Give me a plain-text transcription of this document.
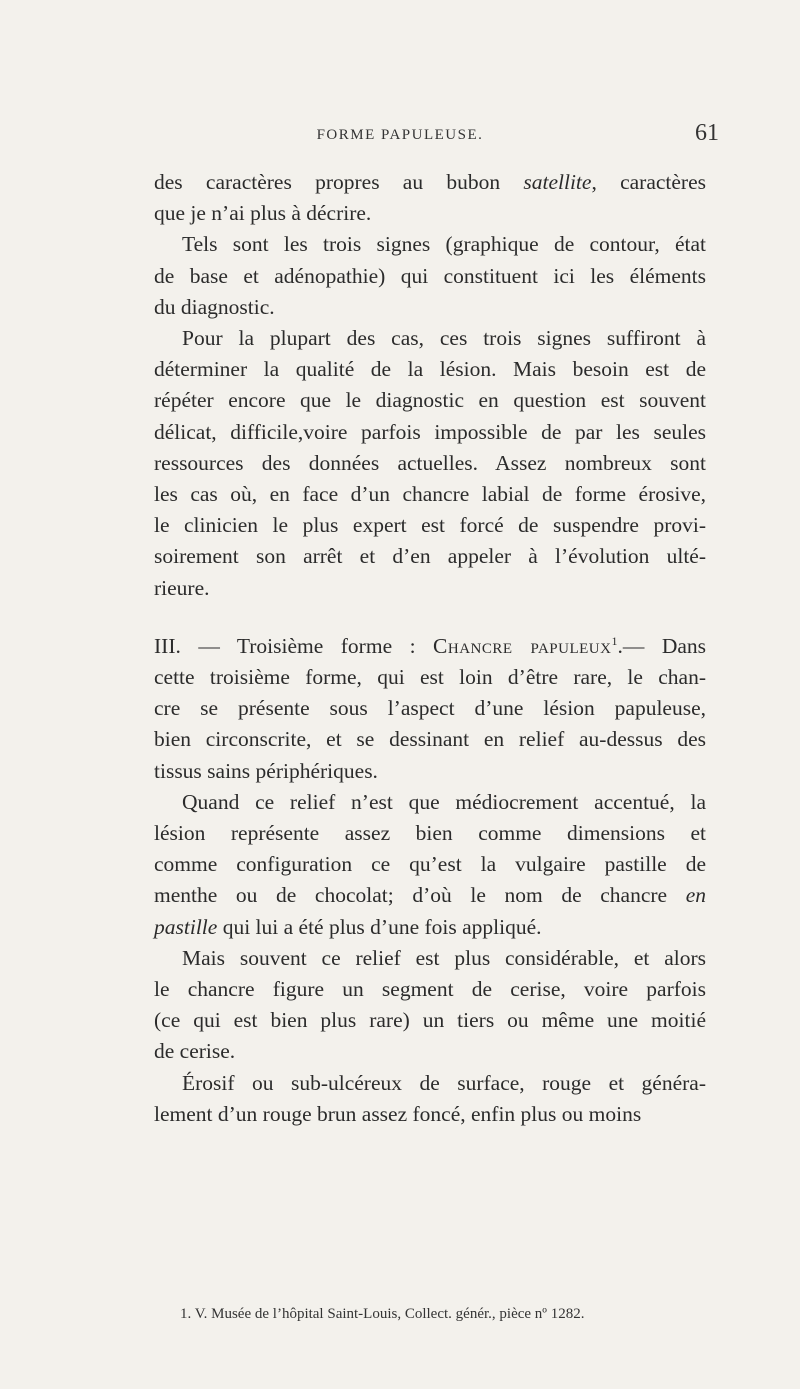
FORME PAPULEUSE.	61

des caractères propres au bubon satellite, caractères
que je n’ai plus à décrire.

Tels sont les trois signes (graphique de contour, état
de base et adénopathie) qui constituent ici les éléments
du diagnostic.

Pour la plupart des cas, ces trois signes suffiront à
déterminer la qualité de la lésion. Mais besoin est de
répéter encore que le diagnostic en question est souvent
délicat, difficile,voire parfois impossible de par les seules
ressources des données actuelles. Assez nombreux sont
les cas où, en face d’un chancre labial de forme érosive,
le clinicien le plus expert est forcé de suspendre provi-
soirement son arrêt et d’en appeler à l’évolution ulté-
rieure.

III. — Troisième forme : Chancre papuleux$^1$.— Dans
cette troisième forme, qui est loin d’être rare, le chan-
cre se présente sous l’aspect d’une lésion papuleuse,
bien circonscrite, et se dessinant en relief au-dessus des
tissus sains périphériques.

Quand ce relief n’est que médiocrement accentué, la
lésion représente assez bien comme dimensions et
comme configuration ce qu’est la vulgaire pastille de
menthe ou de chocolat; d’où le nom de chancre en
pastille qui lui a été plus d’une fois appliqué.

Mais souvent ce relief est plus considérable, et alors
le chancre figure un segment de cerise, voire parfois
(ce qui est bien plus rare) un tiers ou même une moitié
de cerise.

Érosif ou sub-ulcéreux de surface, rouge et généra-
lement d’un rouge brun assez foncé, enfin plus ou moins

1. V. Musée de l’hôpital Saint-Louis, Collect. génér., pièce nº 1282.
